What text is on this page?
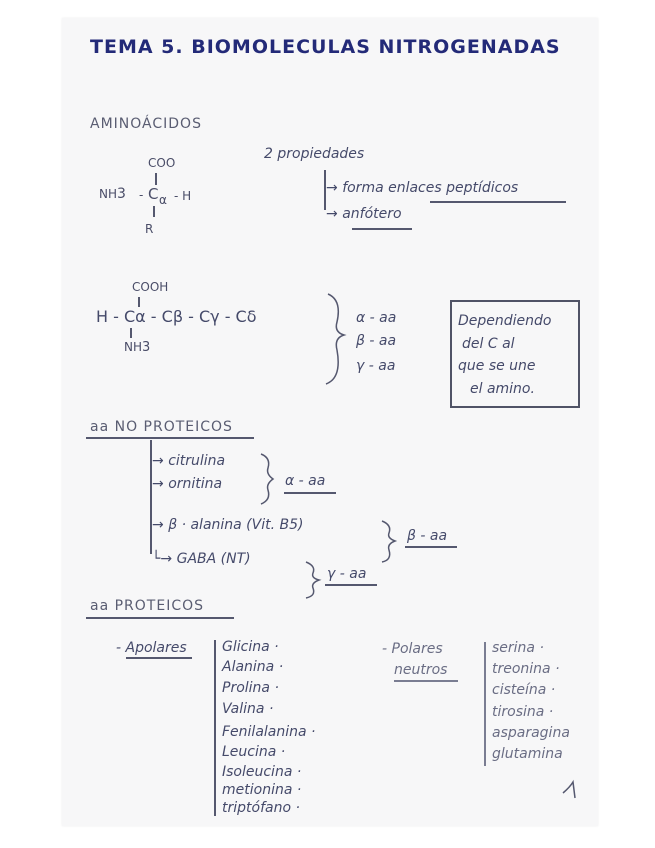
TEMA 5. BIOMOLECULAS NITROGENADAS
AMINOÁCIDOS
COO
NH3 - C α - H
R
2 propiedades
→ forma enlaces peptídicos
→ anfótero
COOH
H - Cα - Cβ - Cγ - Cδ
NH3
α - aa
β - aa
γ - aa
Dependiendo
del C al
que se une
el amino.
aa NO PROTEICOS
→ citrulina
→ ornitina	α - aa
→ β · alanina (Vit. B5)
β - aa
└→ GABA (NT)
γ - aa
aa PROTEICOS
- Apolares	Glicina ·
Alanina ·
Prolina ·
Valina ·
Fenilalanina ·
Leucina ·
Isoleucina ·
metionina ·
triptófano ·
- Polares
neutros
serina ·
treonina ·
cisteína ·
tirosina ·
asparagina
glutamina
